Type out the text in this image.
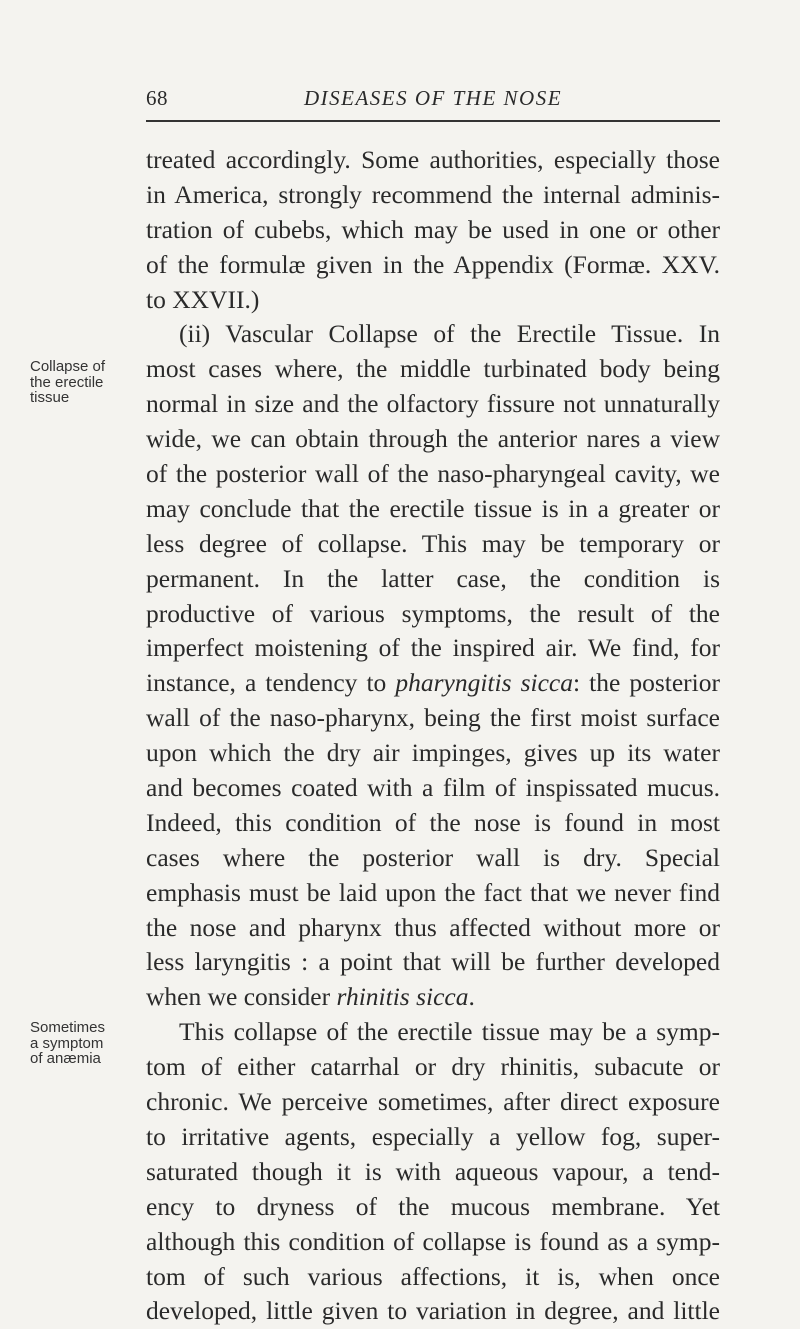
68	DISEASES OF THE NOSE
Collapse of
the erectile
tissue
Sometimes
a symptom
of anæmia
treated accordingly. Some authorities, especially those
in America, strongly recommend the internal adminis-
tration of cubebs, which may be used in one or other
of the formulæ given in the Appendix (Formæ. XXV.
to XXVII.)
(ii) Vascular Collapse of the Erectile Tissue. In
most cases where, the middle turbinated body being
normal in size and the olfactory fissure not unnaturally
wide, we can obtain through the anterior nares a view
of the posterior wall of the naso-pharyngeal cavity, we
may conclude that the erectile tissue is in a greater or
less degree of collapse. This may be temporary or
permanent. In the latter case, the condition is
productive of various symptoms, the result of the
imperfect moistening of the inspired air. We find, for
instance, a tendency to pharyngitis sicca: the posterior
wall of the naso-pharynx, being the first moist surface
upon which the dry air impinges, gives up its water
and becomes coated with a film of inspissated mucus.
Indeed, this condition of the nose is found in most
cases where the posterior wall is dry. Special
emphasis must be laid upon the fact that we never find
the nose and pharynx thus affected without more or
less laryngitis : a point that will be further developed
when we consider rhinitis sicca.
This collapse of the erectile tissue may be a symp-
tom of either catarrhal or dry rhinitis, subacute or
chronic. We perceive sometimes, after direct exposure
to irritative agents, especially a yellow fog, super-
saturated though it is with aqueous vapour, a tend-
ency to dryness of the mucous membrane. Yet
although this condition of collapse is found as a symp-
tom of such various affections, it is, when once
developed, little given to variation in degree, and little
